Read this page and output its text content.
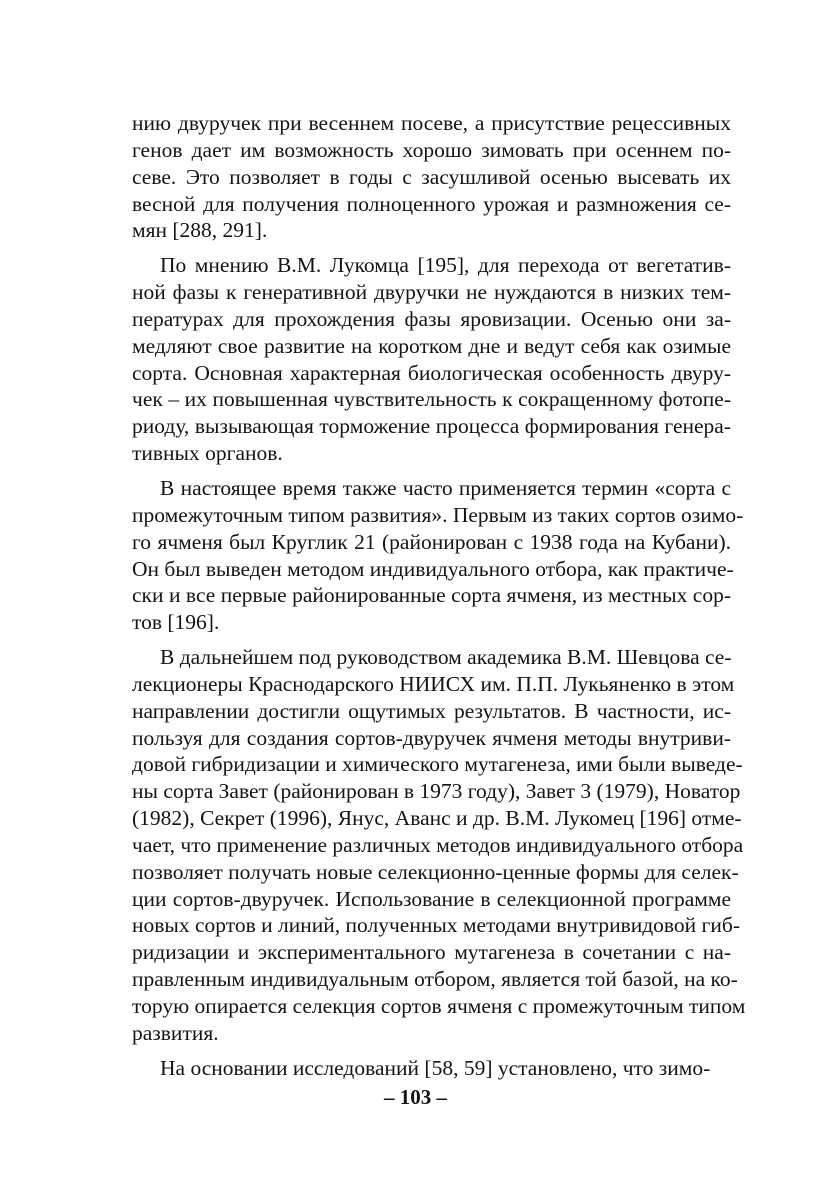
нию двуручек при весеннем посеве, а присутствие рецессивных
генов дает им возможность хорошо зимовать при осеннем по-
севе. Это позволяет в годы с засушливой осенью высевать их
весной для получения полноценного урожая и размножения се-
мян [288, 291].

По мнению В.М. Лукомца [195], для перехода от вегетатив-
ной фазы к генеративной двуручки не нуждаются в низких тем-
пературах для прохождения фазы яровизации. Осенью они за-
медляют свое развитие на коротком дне и ведут себя как озимые
сорта. Основная характерная биологическая особенность двуру-
чек – их повышенная чувствительность к сокращенному фотопе-
риоду, вызывающая торможение процесса формирования генера-
тивных органов.

В настоящее время также часто применяется термин «сорта с
промежуточным типом развития». Первым из таких сортов озимо-
го ячменя был Круглик 21 (районирован с 1938 года на Кубани).
Он был выведен методом индивидуального отбора, как практиче-
ски и все первые районированные сорта ячменя, из местных сор-
тов [196].

В дальнейшем под руководством академика В.М. Шевцова се-
лекционеры Краснодарского НИИСХ им. П.П. Лукьяненко в этом
направлении достигли ощутимых результатов. В частности, ис-
пользуя для создания сортов-двуручек ячменя методы внутриви-
довой гибридизации и химического мутагенеза, ими были выведе-
ны сорта Завет (районирован в 1973 году), Завет 3 (1979), Новатор
(1982), Секрет (1996), Янус, Аванс и др. В.М. Лукомец [196] отме-
чает, что применение различных методов индивидуального отбора
позволяет получать новые селекционно-ценные формы для селек-
ции сортов-двуручек. Использование в селекционной программе
новых сортов и линий, полученных методами внутривидовой гиб-
ридизации и экспериментального мутагенеза в сочетании с на-
правленным индивидуальным отбором, является той базой, на ко-
торую опирается селекция сортов ячменя с промежуточным типом
развития.

На основании исследований [58, 59] установлено, что зимо-

– 103 –
